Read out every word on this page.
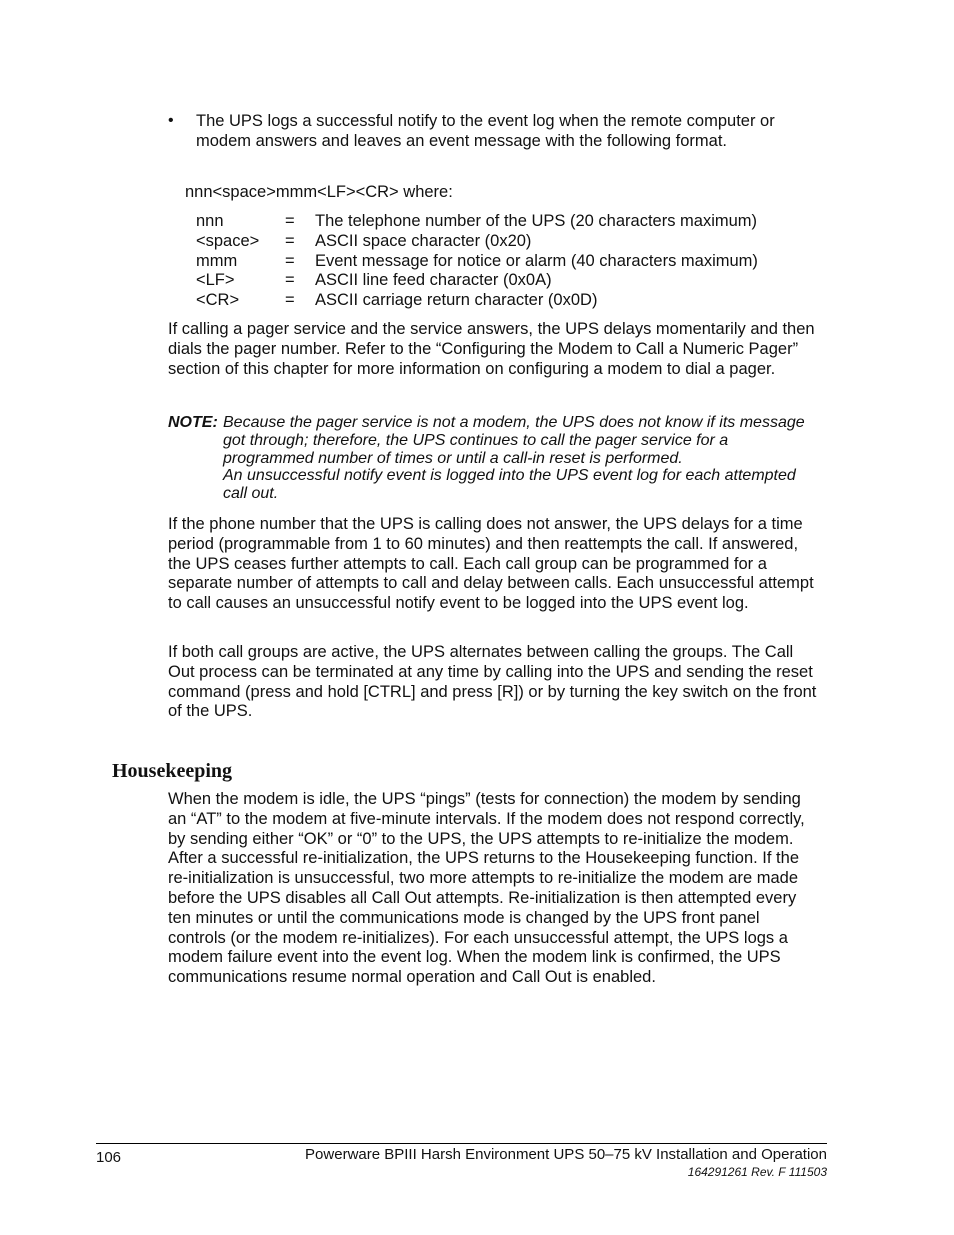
• The UPS logs a successful notify to the event log when the remote computer or modem answers and leaves an event message with the following format.
nnn<space>mmm<LF><CR> where:
nnn	= The telephone number of the UPS (20 characters maximum)
<space> = ASCII space character (0x20)
mmm	= Event message for notice or alarm (40 characters maximum)
<LF>	= ASCII line feed character (0x0A)
<CR>	= ASCII carriage return character (0x0D)
If calling a pager service and the service answers, the UPS delays momentarily and then dials the pager number. Refer to the “Configuring the Modem to Call a Numeric Pager” section of this chapter for more information on configuring a modem to dial a pager.
NOTE: Because the pager service is not a modem, the UPS does not know if its message got through; therefore, the UPS continues to call the pager service for a programmed number of times or until a call-in reset is performed.
An unsuccessful notify event is logged into the UPS event log for each attempted call out.
If the phone number that the UPS is calling does not answer, the UPS delays for a time period (programmable from 1 to 60 minutes) and then reattempts the call. If answered, the UPS ceases further attempts to call. Each call group can be programmed for a separate number of attempts to call and delay between calls. Each unsuccessful attempt to call causes an unsuccessful notify event to be logged into the UPS event log.
If both call groups are active, the UPS alternates between calling the groups. The Call Out process can be terminated at any time by calling into the UPS and sending the reset command (press and hold [CTRL] and press [R]) or by turning the key switch on the front of the UPS.
Housekeeping
When the modem is idle, the UPS “pings” (tests for connection) the modem by sending an “AT” to the modem at five-minute intervals. If the modem does not respond correctly, by sending either “OK” or “0” to the UPS, the UPS attempts to re-initialize the modem. After a successful re-initialization, the UPS returns to the Housekeeping function. If the re-initialization is unsuccessful, two more attempts to re-initialize the modem are made before the UPS disables all Call Out attempts. Re-initialization is then attempted every ten minutes or until the communications mode is changed by the UPS front panel controls (or the modem re-initializes). For each unsuccessful attempt, the UPS logs a modem failure event into the event log. When the modem link is confirmed, the UPS communications resume normal operation and Call Out is enabled.
106	Powerware BPIII Harsh Environment UPS 50–75 kV Installation and Operation
164291261 Rev. F 111503
